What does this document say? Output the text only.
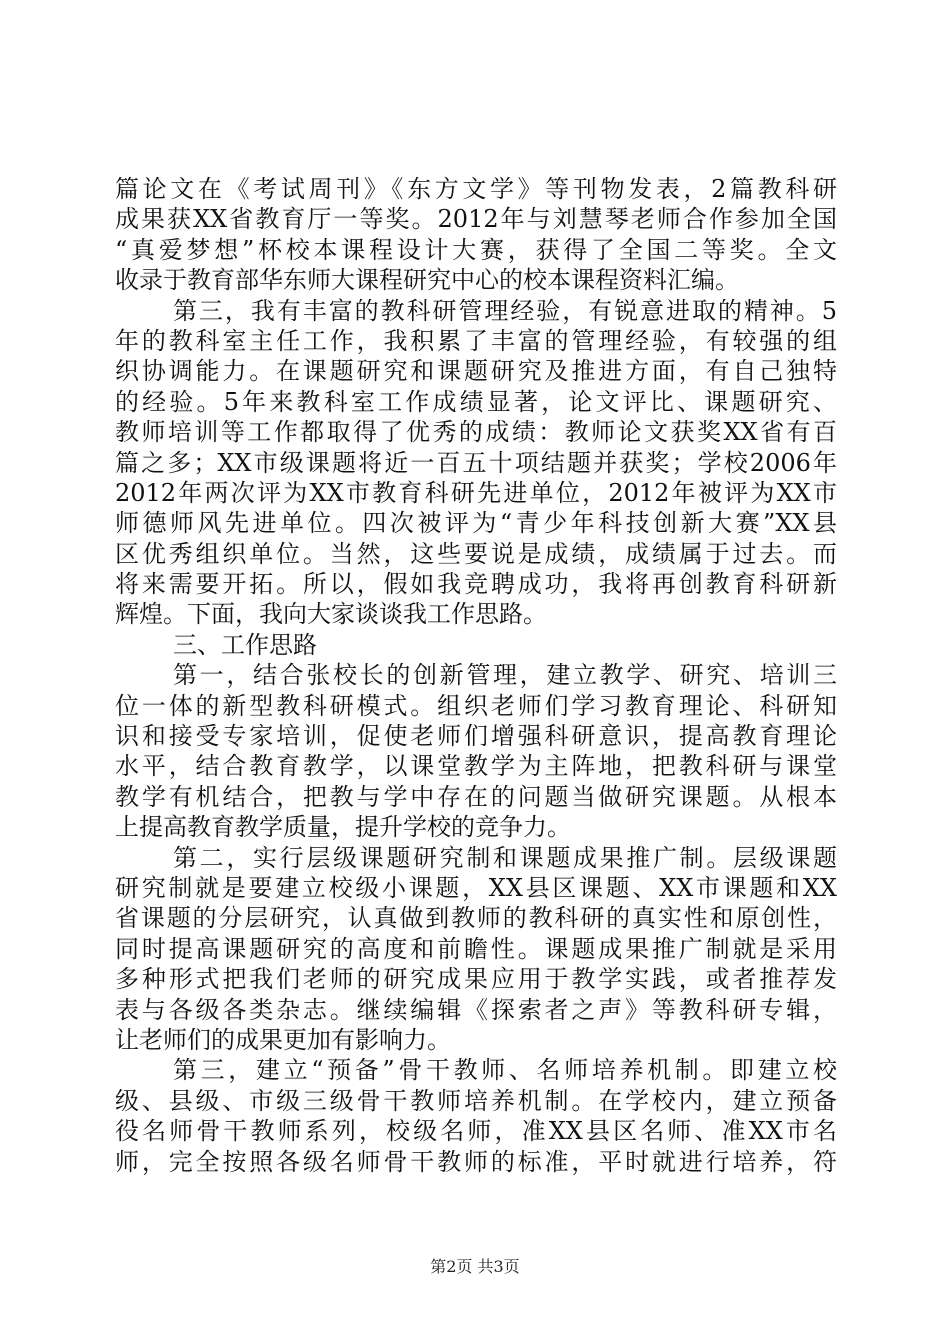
篇论文在《考试周刊》《东方文学》等刊物发表，2篇教科研
成果获XX省教育厅一等奖。2012年与刘慧琴老师合作参加全国
“真爱梦想”杯校本课程设计大赛，获得了全国二等奖。全文
收录于教育部华东师大课程研究中心的校本课程资料汇编。
第三，我有丰富的教科研管理经验，有锐意进取的精神。5
年的教科室主任工作，我积累了丰富的管理经验，有较强的组
织协调能力。在课题研究和课题研究及推进方面，有自己独特
的经验。5年来教科室工作成绩显著，论文评比、课题研究、
教师培训等工作都取得了优秀的成绩：教师论文获奖XX省有百
篇之多；XX市级课题将近一百五十项结题并获奖；学校2006年
2012年两次评为XX市教育科研先进单位，2012年被评为XX市
师德师风先进单位。四次被评为“青少年科技创新大赛”XX县
区优秀组织单位。当然，这些要说是成绩，成绩属于过去。而
将来需要开拓。所以，假如我竞聘成功，我将再创教育科研新
辉煌。下面，我向大家谈谈我工作思路。
三、工作思路
第一，结合张校长的创新管理，建立教学、研究、培训三
位一体的新型教科研模式。组织老师们学习教育理论、科研知
识和接受专家培训，促使老师们增强科研意识，提高教育理论
水平，结合教育教学，以课堂教学为主阵地，把教科研与课堂
教学有机结合，把教与学中存在的问题当做研究课题。从根本
上提高教育教学质量，提升学校的竞争力。
第二，实行层级课题研究制和课题成果推广制。层级课题
研究制就是要建立校级小课题，XX县区课题、XX市课题和XX
省课题的分层研究，认真做到教师的教科研的真实性和原创性，
同时提高课题研究的高度和前瞻性。课题成果推广制就是采用
多种形式把我们老师的研究成果应用于教学实践，或者推荐发
表与各级各类杂志。继续编辑《探索者之声》等教科研专辑，
让老师们的成果更加有影响力。
第三，建立“预备”骨干教师、名师培养机制。即建立校
级、县级、市级三级骨干教师培养机制。在学校内，建立预备
役名师骨干教师系列，校级名师，准XX县区名师、准XX市名
师，完全按照各级名师骨干教师的标准，平时就进行培养，符
第2页 共3页
